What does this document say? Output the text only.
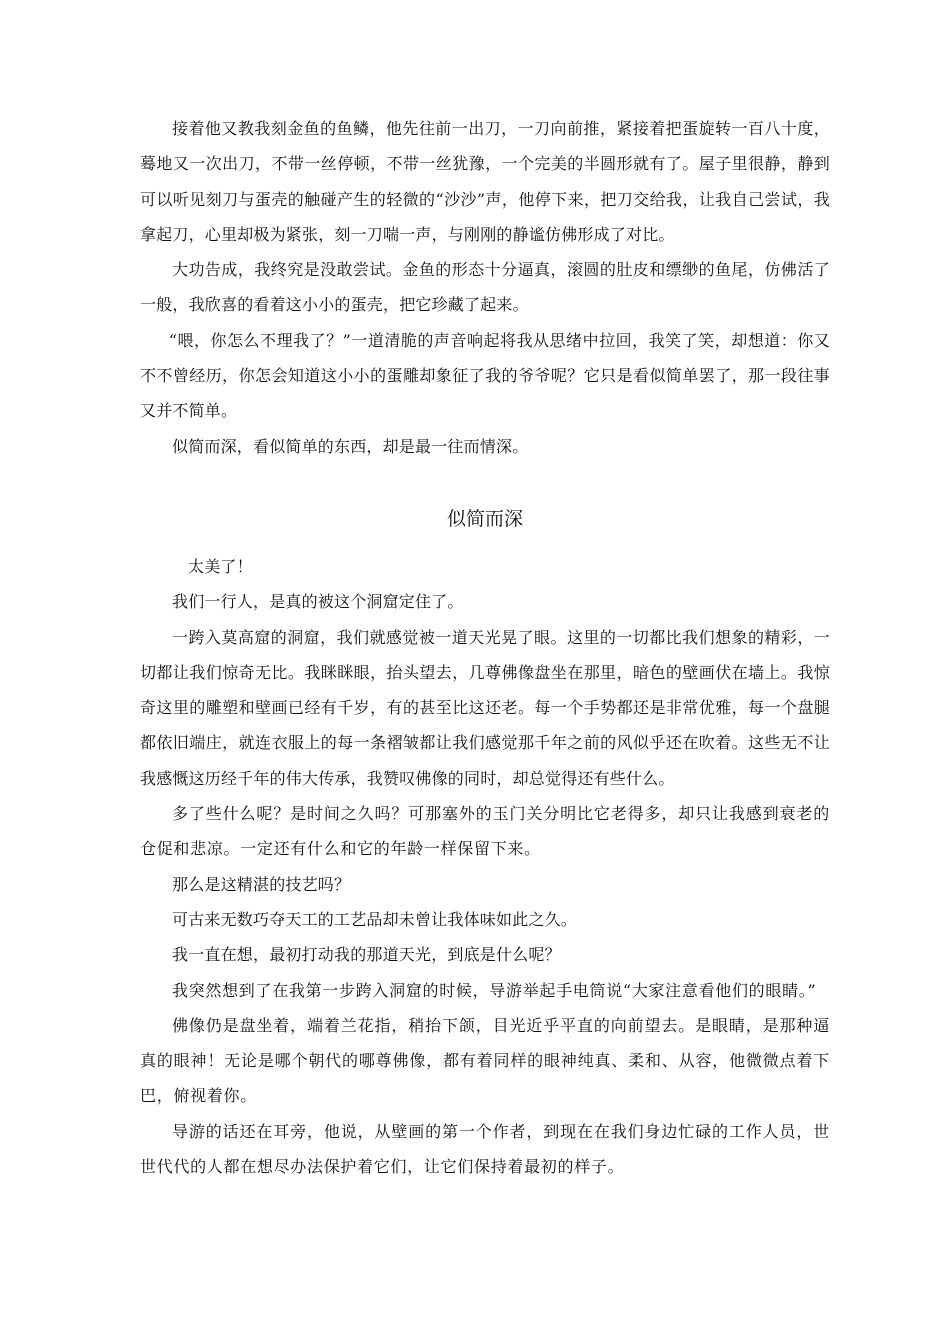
接着他又教我刻金鱼的鱼鳞，他先往前一出刀，一刀向前推，紧接着把蛋旋转一百八十度，蓦地又一次出刀，不带一丝停顿，不带一丝犹豫，一个完美的半圆形就有了。屋子里很静，静到可以听见刻刀与蛋壳的触碰产生的轻微的“沙沙”声，他停下来，把刀交给我，让我自己尝试，我拿起刀，心里却极为紧张，刻一刀喘一声，与刚刚的静谧仿佛形成了对比。

大功告成，我终究是没敢尝试。金鱼的形态十分逼真，滚圆的肚皮和缥缈的鱼尾，仿佛活了一般，我欣喜的看着这小小的蛋壳，把它珍藏了起来。

“喂，你怎么不理我了？”一道清脆的声音响起将我从思绪中拉回，我笑了笑，却想道：你又不不曾经历，你怎会知道这小小的蛋雕却象征了我的爷爷呢？它只是看似简单罢了，那一段往事又并不简单。

似简而深，看似简单的东西，却是最一往而情深。

似简而深

太美了！

我们一行人，是真的被这个洞窟定住了。

一跨入莫高窟的洞窟，我们就感觉被一道天光晃了眼。这里的一切都比我们想象的精彩，一切都让我们惊奇无比。我眯眯眼，抬头望去，几尊佛像盘坐在那里，暗色的壁画伏在墙上。我惊奇这里的雕塑和壁画已经有千岁，有的甚至比这还老。每一个手势都还是非常优雅，每一个盘腿都依旧端庄，就连衣服上的每一条褶皱都让我们感觉那千年之前的风似乎还在吹着。这些无不让我感慨这历经千年的伟大传承，我赞叹佛像的同时，却总觉得还有些什么。

多了些什么呢？是时间之久吗？可那塞外的玉门关分明比它老得多，却只让我感到衰老的仓促和悲凉。一定还有什么和它的年龄一样保留下来。

那么是这精湛的技艺吗？

可古来无数巧夺天工的工艺品却未曾让我体味如此之久。

我一直在想，最初打动我的那道天光，到底是什么呢？

我突然想到了在我第一步跨入洞窟的时候，导游举起手电筒说“大家注意看他们的眼睛。”

佛像仍是盘坐着，端着兰花指，稍抬下颌，目光近乎平直的向前望去。是眼睛，是那种逼真的眼神！无论是哪个朝代的哪尊佛像，都有着同样的眼神纯真、柔和、从容，他微微点着下巴，俯视着你。

导游的话还在耳旁，他说，从壁画的第一个作者，到现在在我们身边忙碌的工作人员，世世代代的人都在想尽办法保护着它们，让它们保持着最初的样子。
